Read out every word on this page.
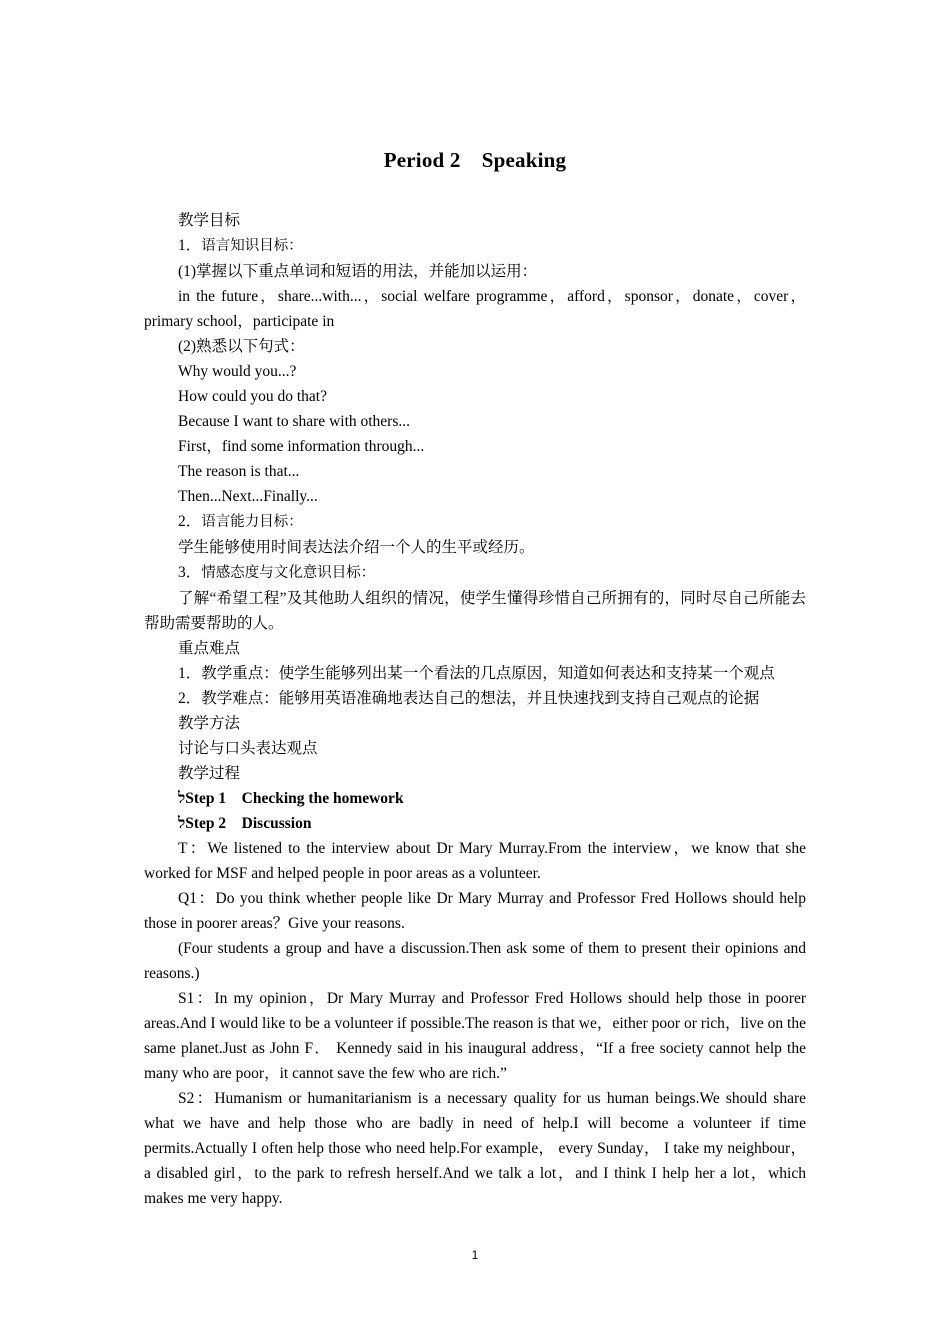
Period 2　Speaking

教学目标

1．语言知识目标：

(1)掌握以下重点单词和短语的用法，并能加以运用：

in the future，share...with...，social welfare programme，afford，sponsor，donate，cover，primary school，participate in

(2)熟悉以下句式：

Why would you...?

How could you do that?

Because I want to share with others...

First，find some information through...

The reason is that...

Then...Next...Finally...

2．语言能力目标：

学生能够使用时间表达法介绍一个人的生平或经历。

3．情感态度与文化意识目标：

了解“希望工程”及其他助人组织的情况，使学生懂得珍惜自己所拥有的，同时尽自己所能去帮助需要帮助的人。

重点难点

1．教学重点：使学生能够列出某一个看法的几点原因，知道如何表达和支持某一个观点

2．教学难点：能够用英语准确地表达自己的想法，并且快速找到支持自己观点的论据

教学方法

讨论与口头表达观点

教学过程

לStep 1　Checking the homework

לStep 2　Discussion

T：We listened to the interview about Dr Mary Murray.From the interview，we know that she worked for MSF and helped people in poor areas as a volunteer.

Q1：Do you think whether people like Dr Mary Murray and Professor Fred Hollows should help those in poorer areas？Give your reasons.

(Four students a group and have a discussion.Then ask some of them to present their opinions and reasons.)

S1：In my opinion，Dr Mary Murray and Professor Fred Hollows should help those in poorer areas.And I would like to be a volunteer if possible.The reason is that we，either poor or rich，live on the same planet.Just as John F． Kennedy said in his inaugural address，“If a free society cannot help the many who are poor，it cannot save the few who are rich.”

S2：Humanism or humanitarianism is a necessary quality for us human beings.We should share what we have and help those who are badly in need of help.I will become a volunteer if time permits.Actually I often help those who need help.For example， every Sunday， I take my neighbour，a disabled girl，to the park to refresh herself.And we talk a lot，and I think I help her a lot，which makes me very happy.

1
